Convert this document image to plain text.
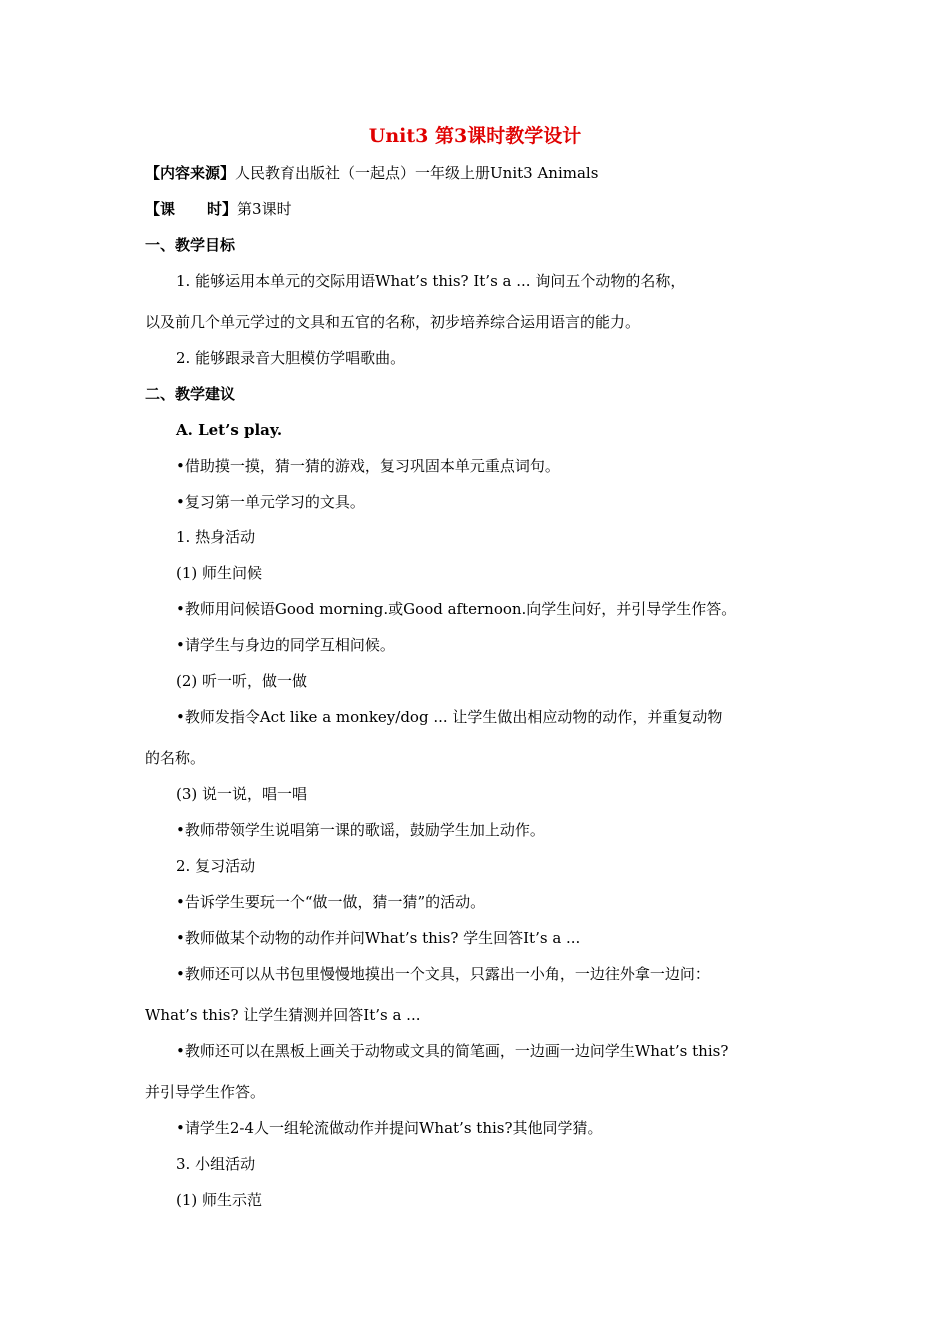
Unit3 第3课时教学设计
【内容来源】人民教育出版社（一起点）一年级上册Unit3 Animals
【课 时】第3课时
一、教学目标
1. 能够运用本单元的交际用语What’s this? It’s a ... 询问五个动物的名称，
以及前几个单元学过的文具和五官的名称，初步培养综合运用语言的能力。
2. 能够跟录音大胆模仿学唱歌曲。
二、教学建议
A. Let’s play.
•借助摸一摸，猜一猜的游戏，复习巩固本单元重点词句。
•复习第一单元学习的文具。
1. 热身活动
(1) 师生问候
•教师用问候语Good morning.或Good afternoon.向学生问好，并引导学生作答。
•请学生与身边的同学互相问候。
(2) 听一听，做一做
•教师发指令Act like a monkey/dog ... 让学生做出相应动物的动作，并重复动物
的名称。
(3) 说一说，唱一唱
•教师带领学生说唱第一课的歌谣，鼓励学生加上动作。
2. 复习活动
•告诉学生要玩一个“做一做，猜一猜”的活动。
•教师做某个动物的动作并问What’s this? 学生回答It’s a ...
•教师还可以从书包里慢慢地摸出一个文具，只露出一小角，一边往外拿一边问：
What’s this? 让学生猜测并回答It’s a ...
•教师还可以在黑板上画关于动物或文具的简笔画，一边画一边问学生What’s this?
并引导学生作答。
•请学生2-4人一组轮流做动作并提问What’s this?其他同学猜。
3. 小组活动
(1) 师生示范
